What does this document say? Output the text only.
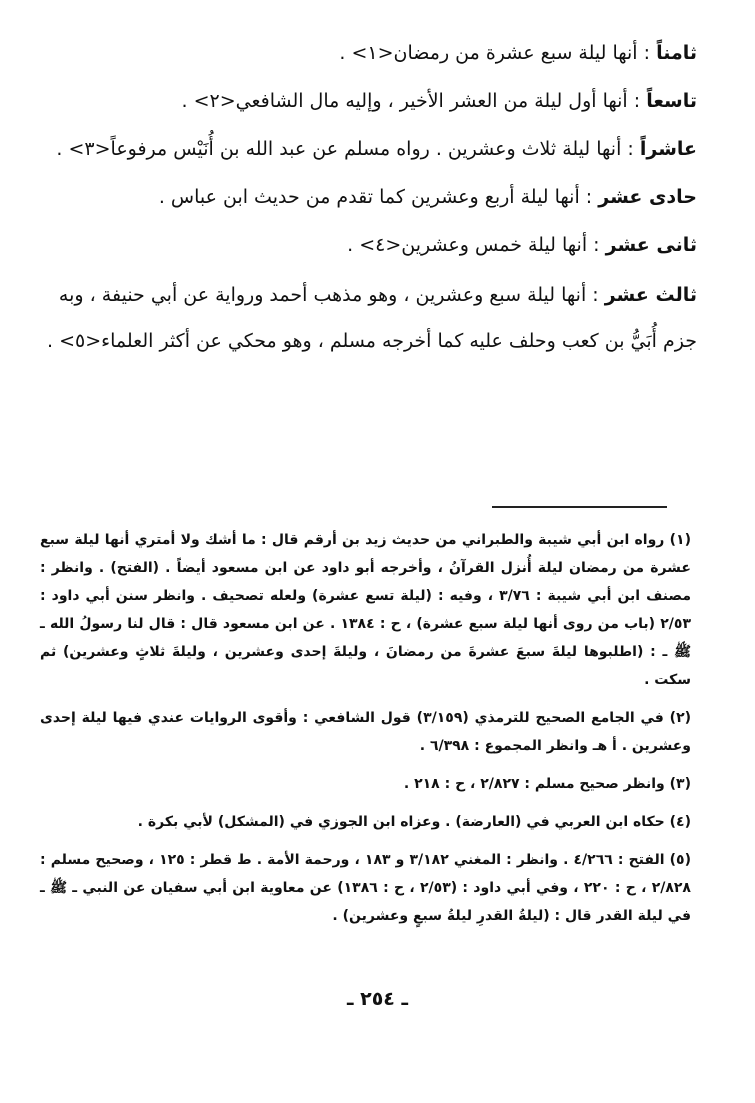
ثامناً : أنها ليلة سبع عشرة من رمضان<١> .

تاسعاً : أنها أول ليلة من العشر الأخير ، وإليه مال الشافعي<٢> .

عاشراً : أنها ليلة ثلاث وعشرين . رواه مسلم عن عبد الله بن أُنَيْس مرفوعاً<٣> .

حادى عشر : أنها ليلة أربع وعشرين كما تقدم من حديث ابن عباس .

ثانى عشر : أنها ليلة خمس وعشرين<٤> .

ثالث عشر : أنها ليلة سبع وعشرين ، وهو مذهب أحمد ورواية عن أبي حنيفة ، وبه جزم أُبَيُّ بن كعب وحلف عليه كما أخرجه مسلم ، وهو محكي عن أكثر العلماء<٥> .

(١) رواه ابن أبي شيبة والطبراني من حديث زيد بن أرقم قال : ما أشك ولا أمتري أنها ليلة سبع عشرة من رمضان ليلة أُنزل القرآنُ ، وأخرجه أبو داود عن ابن مسعود أيضاً . (الفتح) . وانظر : مصنف ابن أبي شيبة : ٣/٧٦ ، وفيه : (ليلة تسع عشرة) ولعله تصحيف . وانظر سنن أبي داود : ٢/٥٣ (باب من روى أنها ليلة سبع عشرة) ، ح : ١٣٨٤ . عن ابن مسعود قال : قال لنا رسولُ الله ـ ﷺ ـ : (اطلبوها ليلةَ سبعَ عشرةَ من رمضانَ ، وليلةَ إحدى وعشرين ، وليلةَ ثلاثٍ وعشرين) ثم سكت .

(٢) في الجامع الصحيح للترمذي (٣/١٥٩) قول الشافعي : وأقوى الروايات عندي فيها ليلة إحدى وعشرين . أ هـ وانظر المجموع : ٦/٣٩٨ .

(٣) وانظر صحيح مسلم : ٢/٨٢٧ ، ح : ٢١٨ .

(٤) حكاه ابن العربي في (العارضة) . وعزاه ابن الجوزي في (المشكل) لأبي بكرة .

(٥) الفتح : ٤/٢٦٦ . وانظر : المغني ٣/١٨٢ و ١٨٣ ، ورحمة الأمة . ط قطر : ١٢٥ ، وصحيح مسلم : ٢/٨٢٨ ، ح : ٢٢٠ ، وفي أبي داود : (٢/٥٣ ، ح : ١٣٨٦) عن معاوية ابن أبي سفيان عن النبي ـ ﷺ ـ في ليلة القدر قال : (ليلةُ القدرِ ليلةُ سبعٍ وعشرين) .

ـ ٢٥٤ ـ
